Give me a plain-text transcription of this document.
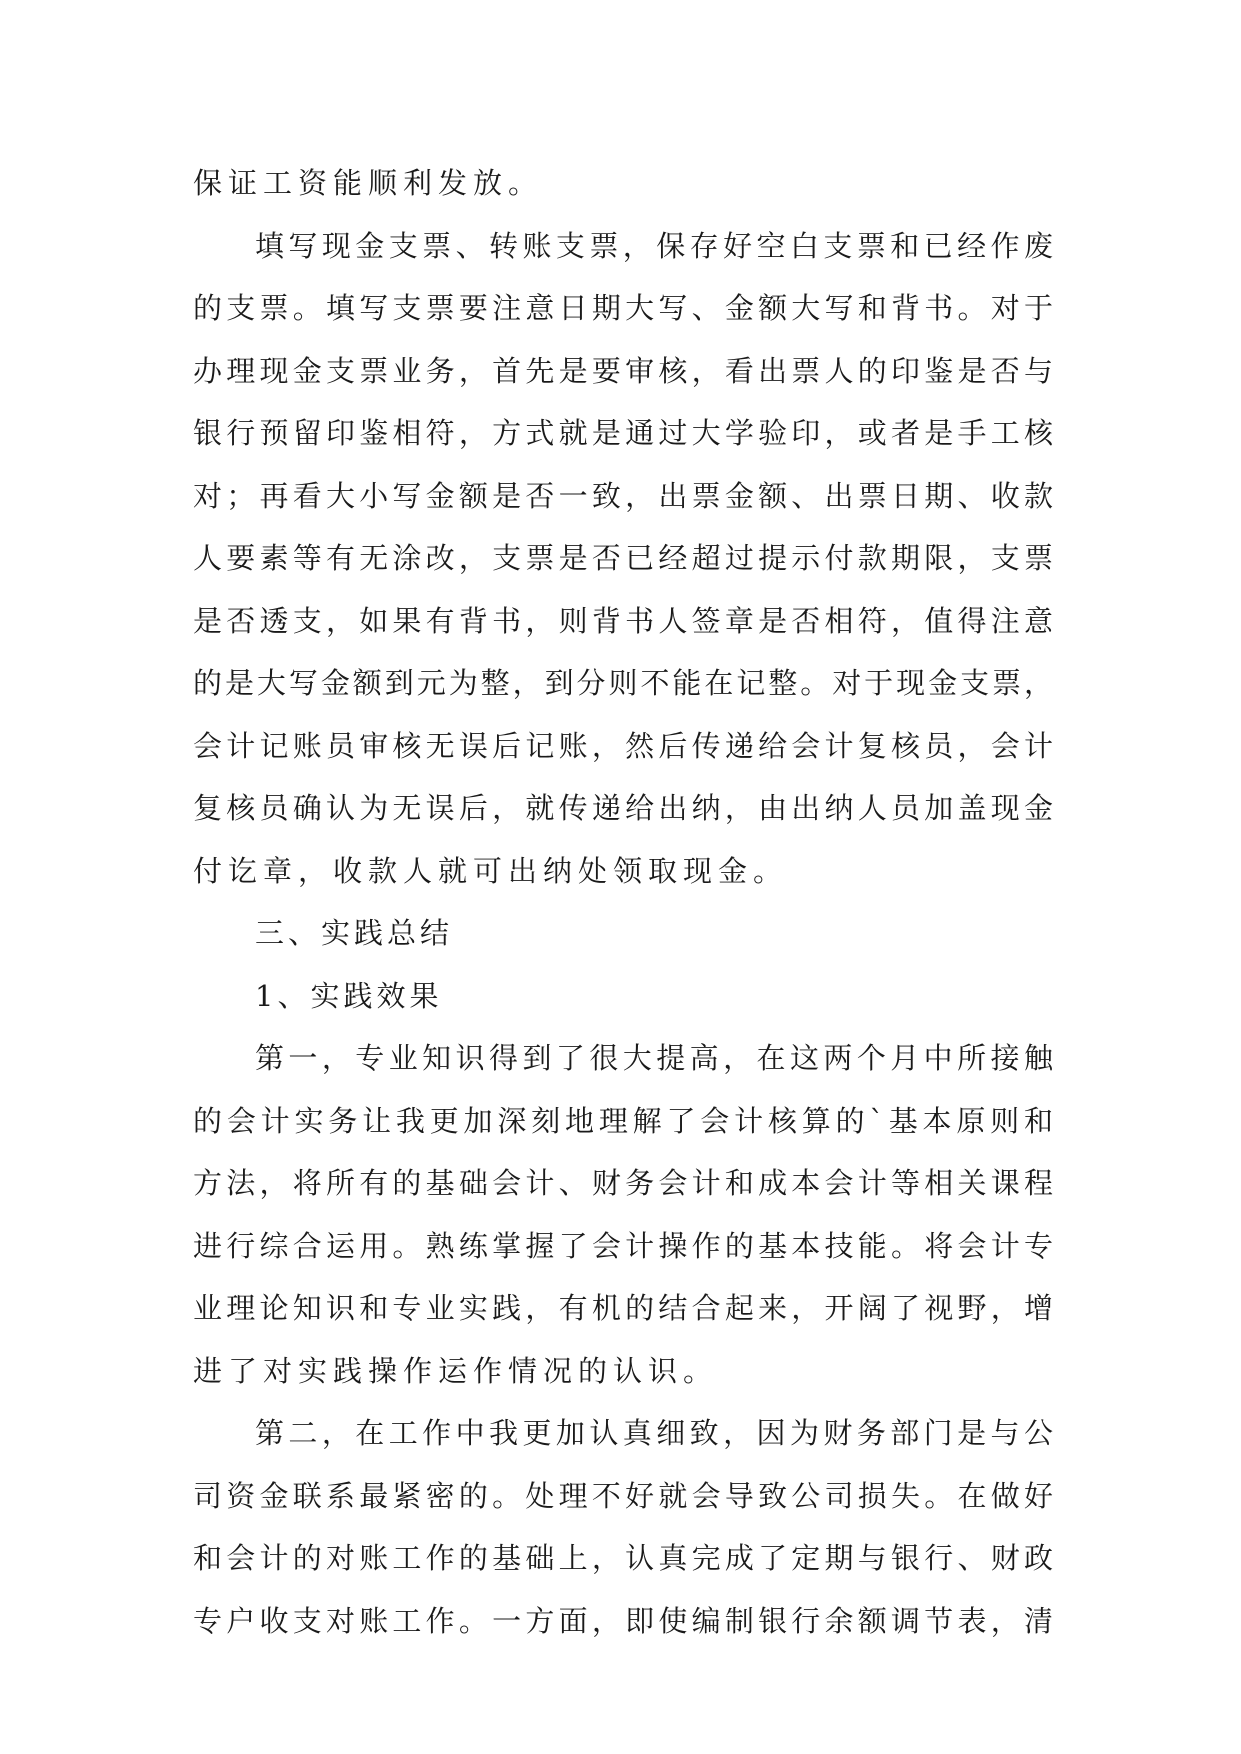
保证工资能顺利发放。
填写现金支票、转账支票，保存好空白支票和已经作废
的支票。填写支票要注意日期大写、金额大写和背书。对于
办理现金支票业务，首先是要审核，看出票人的印鉴是否与
银行预留印鉴相符，方式就是通过大学验印，或者是手工核
对；再看大小写金额是否一致，出票金额、出票日期、收款
人要素等有无涂改，支票是否已经超过提示付款期限，支票
是否透支，如果有背书，则背书人签章是否相符，值得注意
的是大写金额到元为整，到分则不能在记整。对于现金支票，
会计记账员审核无误后记账，然后传递给会计复核员，会计
复核员确认为无误后，就传递给出纳，由出纳人员加盖现金
付讫章，收款人就可出纳处领取现金。
三、实践总结
1、实践效果
第一，专业知识得到了很大提高，在这两个月中所接触
的会计实务让我更加深刻地理解了会计核算的`基本原则和
方法，将所有的基础会计、财务会计和成本会计等相关课程
进行综合运用。熟练掌握了会计操作的基本技能。将会计专
业理论知识和专业实践，有机的结合起来，开阔了视野，增
进了对实践操作运作情况的认识。
第二，在工作中我更加认真细致，因为财务部门是与公
司资金联系最紧密的。处理不好就会导致公司损失。在做好
和会计的对账工作的基础上，认真完成了定期与银行、财政
专户收支对账工作。一方面，即使编制银行余额调节表，清
